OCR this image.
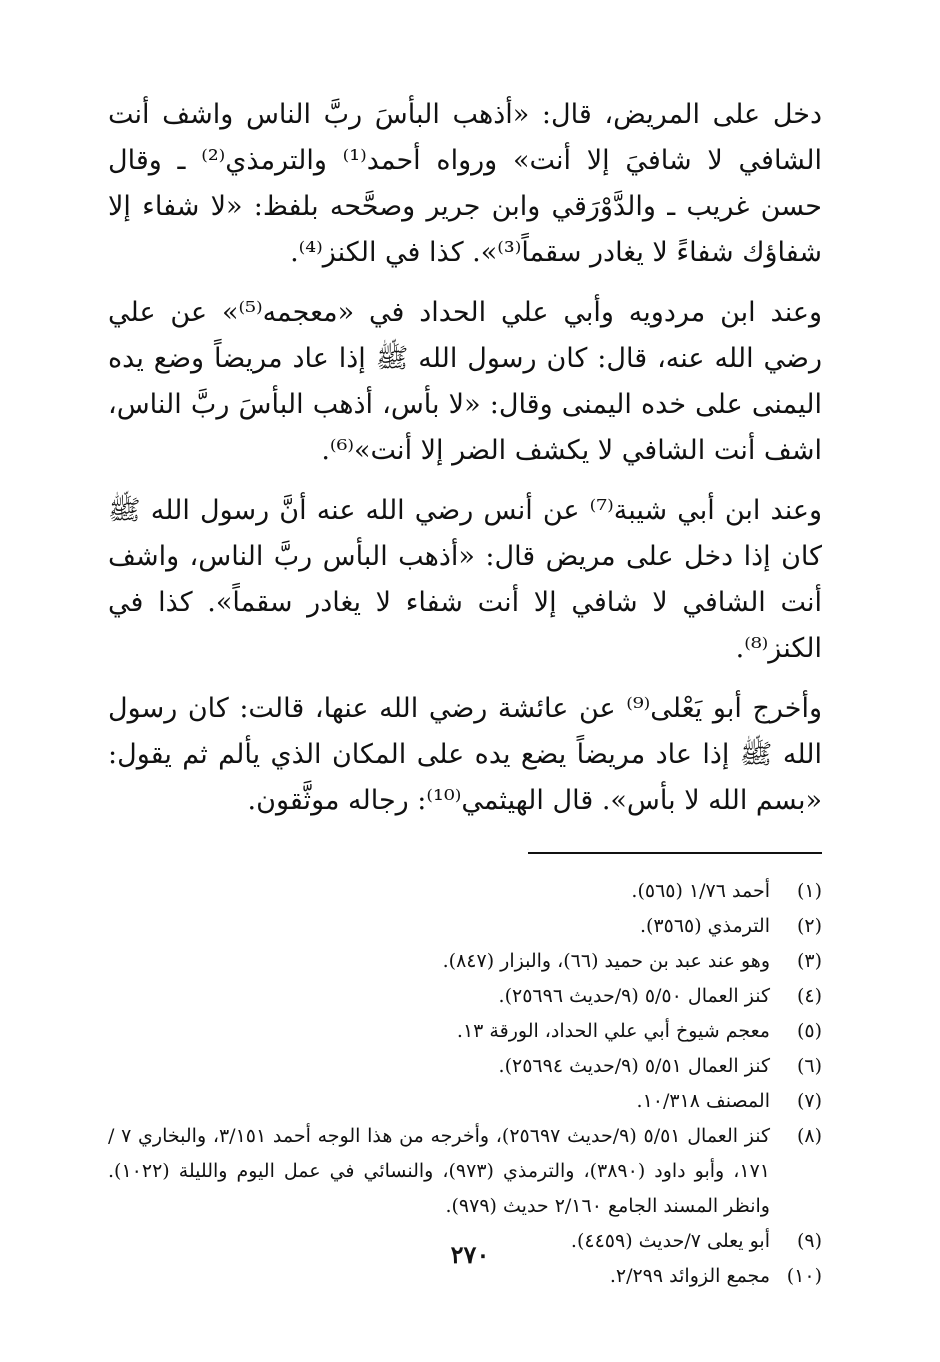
دخل على المريض، قال: «أذهب البأسَ ربَّ الناس واشف أنت الشافي لا شافيَ إلا أنت» ورواه أحمد⁽¹⁾ والترمذي⁽²⁾ ـ وقال حسن غريب ـ والدَّوْرَقي وابن جرير وصحَّحه بلفظ: «لا شفاء إلا شفاؤك شفاءً لا يغادر سقماً⁽³⁾». كذا في الكنز⁽⁴⁾.

وعند ابن مردويه وأبي علي الحداد في «معجمه⁽⁵⁾» عن علي رضي الله عنه، قال: كان رسول الله ﷺ إذا عاد مريضاً وضع يده اليمنى على خده اليمنى وقال: «لا بأس، أذهب البأسَ ربَّ الناس، اشف أنت الشافي لا يكشف الضر إلا أنت»⁽⁶⁾.

وعند ابن أبي شيبة⁽⁷⁾ عن أنس رضي الله عنه أنَّ رسول الله ﷺ كان إذا دخل على مريض قال: «أذهب البأس ربَّ الناس، واشف أنت الشافي لا شافي إلا أنت شفاء لا يغادر سقماً». كذا في الكنز⁽⁸⁾.

وأخرج أبو يَعْلى⁽⁹⁾ عن عائشة رضي الله عنها، قالت: كان رسول الله ﷺ إذا عاد مريضاً يضع يده على المكان الذي يألم ثم يقول: «بسم الله لا بأس». قال الهيثمي⁽¹⁰⁾: رجاله موثَّقون.

(١)
أحمد ١/٧٦ (٥٦٥).
(٢)
الترمذي (٣٥٦٥).
(٣)
وهو عند عبد بن حميد (٦٦)، والبزار (٨٤٧).
(٤)
كنز العمال ٥/٥٠ (٩/حديث ٢٥٦٩٦).
(٥)
معجم شيوخ أبي علي الحداد، الورقة ١٣.
(٦)
كنز العمال ٥/٥١ (٩/حديث ٢٥٦٩٤).
(٧)
المصنف ١٠/٣١٨.
(٨)
كنز العمال ٥/٥١ (٩/حديث ٢٥٦٩٧)، وأخرجه من هذا الوجه أحمد ٣/١٥١، والبخاري ٧ /١٧١، وأبو داود (٣٨٩٠)، والترمذي (٩٧٣)، والنسائي في عمل اليوم والليلة (١٠٢٢). وانظر المسند الجامع ٢/١٦٠ حديث (٩٧٩).
(٩)
أبو يعلى ٧/حديث (٤٤٥٩).
(١٠)
مجمع الزوائد ٢/٢٩٩.
٢٧٠
